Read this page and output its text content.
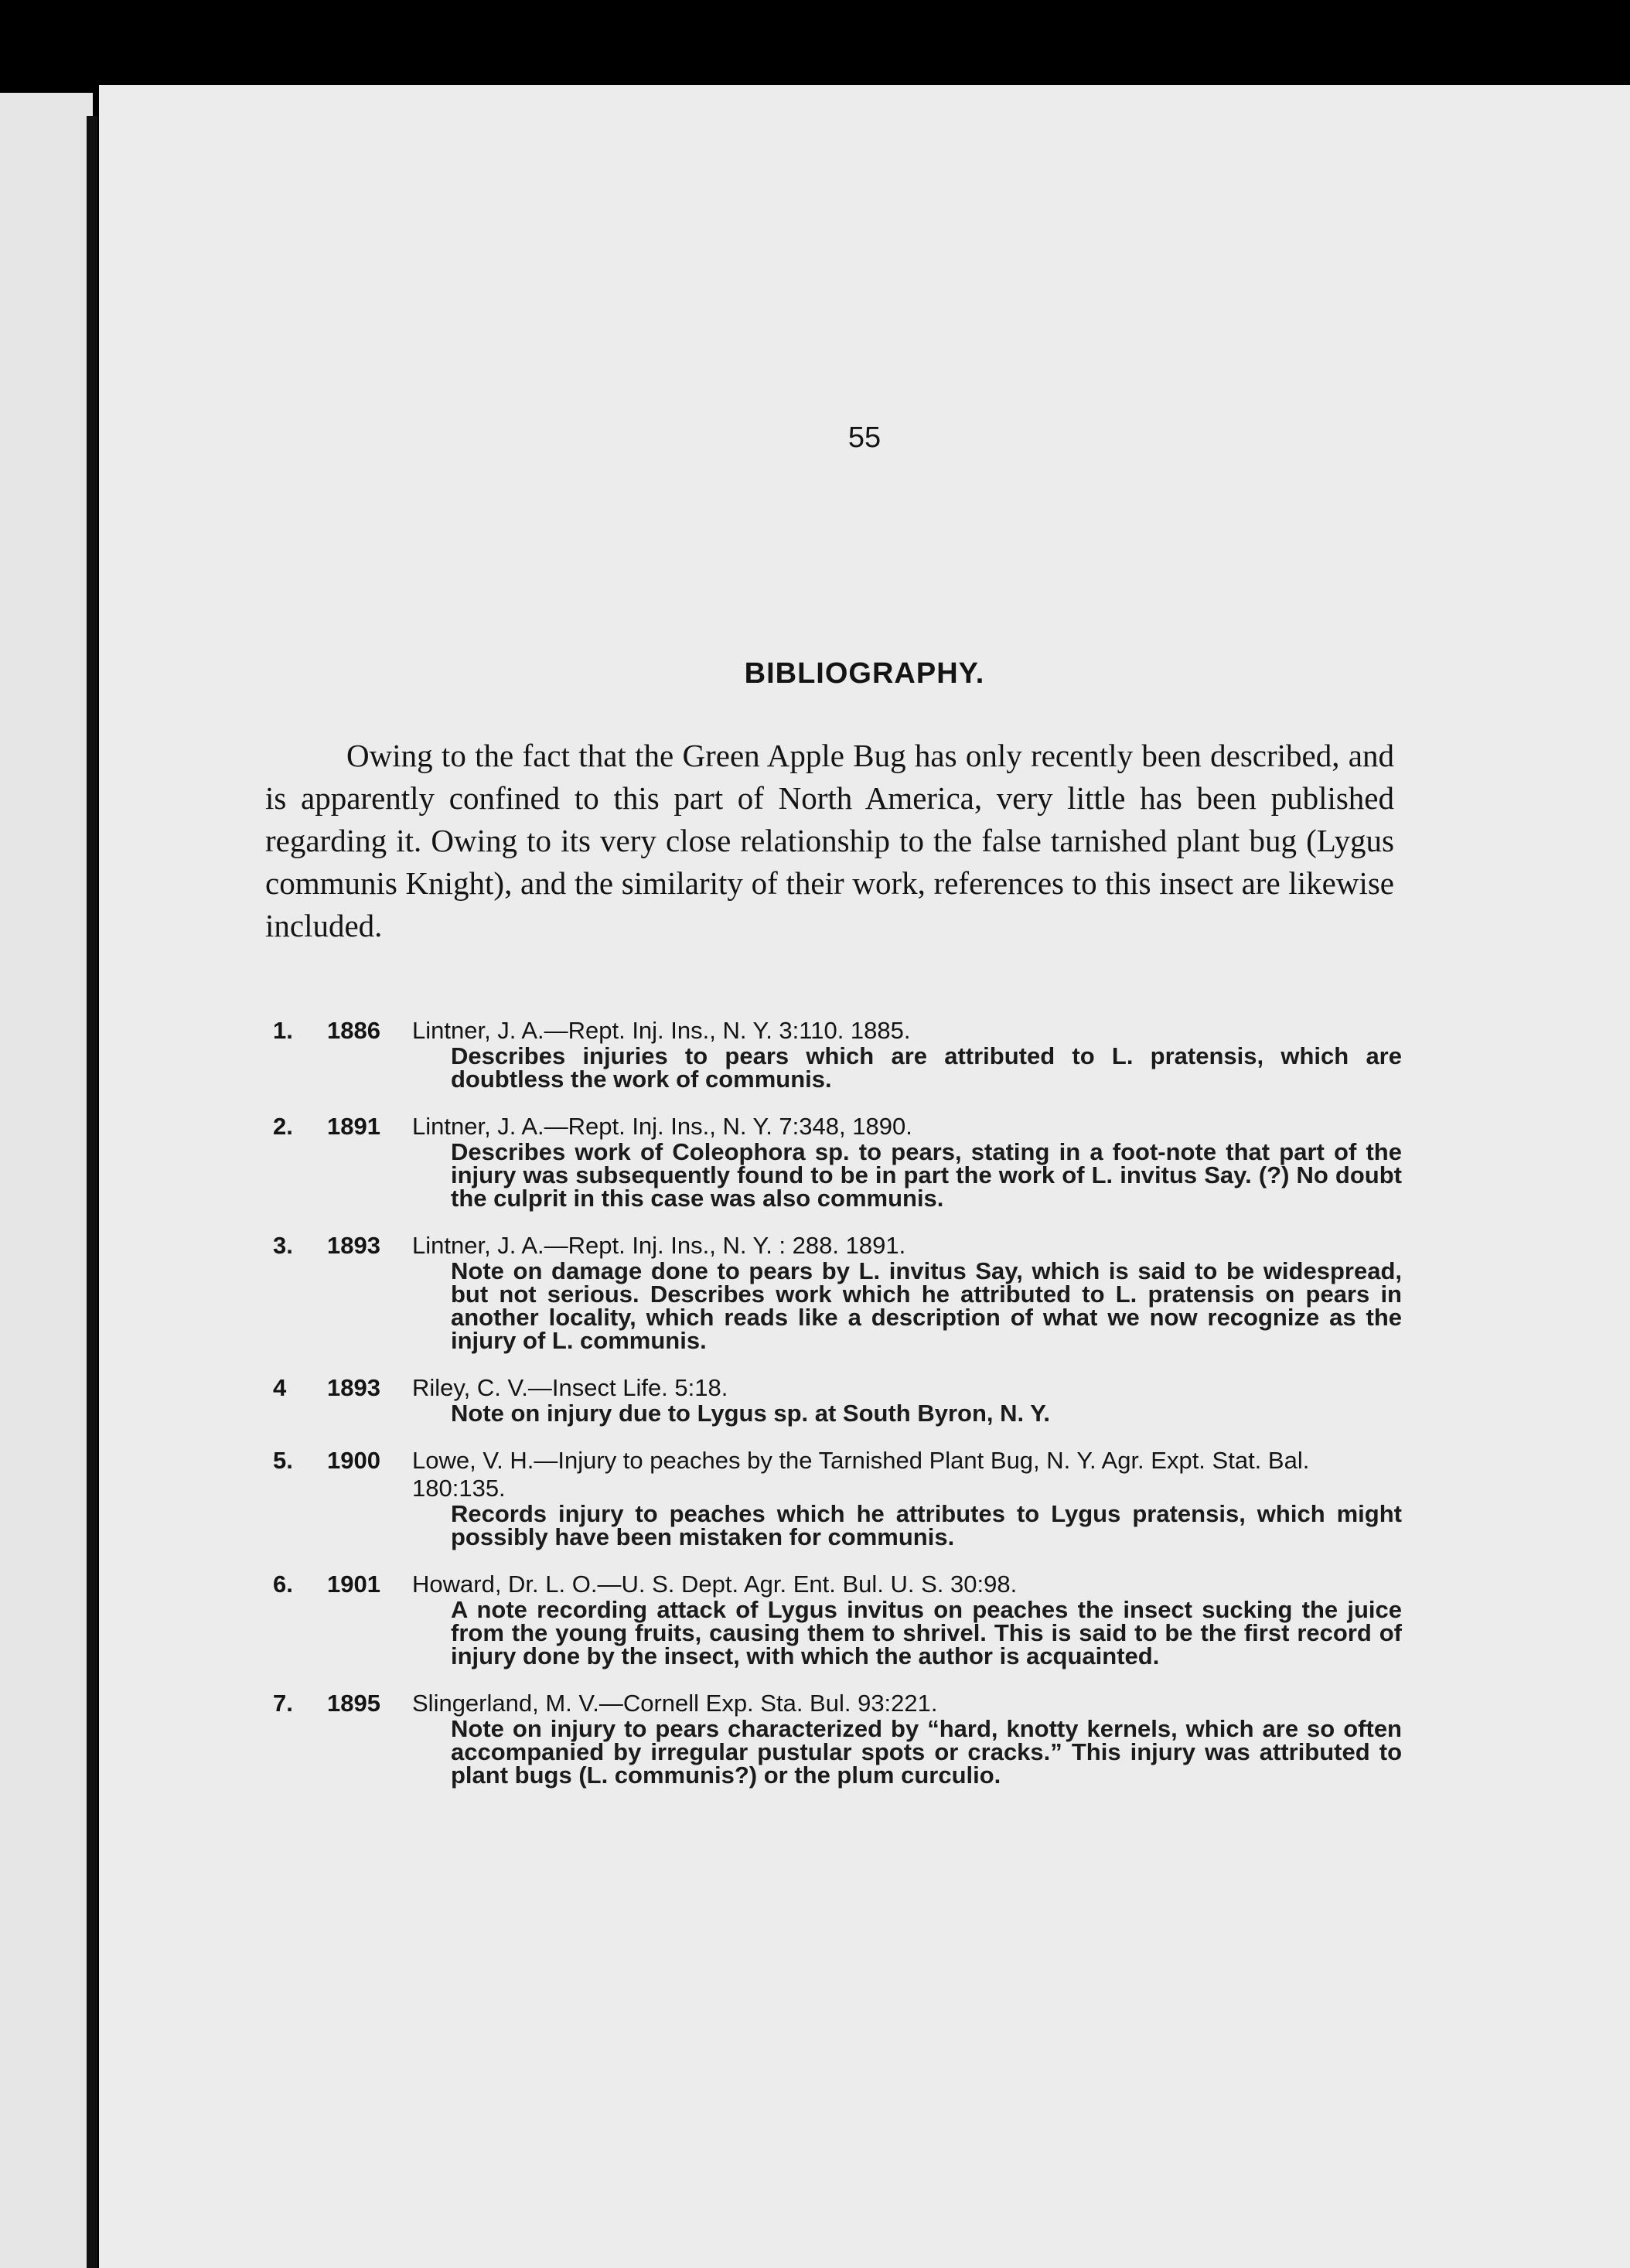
55
BIBLIOGRAPHY.

Owing to the fact that the Green Apple Bug has only recently been described, and is apparently confined to this part of North America, very little has been published regarding it. Owing to its very close relationship to the false tarnished plant bug (Lygus communis Knight), and the similarity of their work, references to this insect are likewise included.

1.	1886	Lintner, J. A.—Rept. Inj. Ins., N. Y. 3:110. 1885.

Describes injuries to pears which are attributed to L. pratensis, which are doubtless the work of communis.

2.	1891	Lintner, J. A.—Rept. Inj. Ins., N. Y. 7:348, 1890.

Describes work of Coleophora sp. to pears, stating in a foot-note that part of the injury was subsequently found to be in part the work of L. invitus Say. (?) No doubt the culprit in this case was also communis.

3.	1893	Lintner, J. A.—Rept. Inj. Ins., N. Y. : 288. 1891.

Note on damage done to pears by L. invitus Say, which is said to be widespread, but not serious. Describes work which he attributed to L. pratensis on pears in another locality, which reads like a description of what we now recognize as the injury of L. communis.

4	1893	Riley, C. V.—Insect Life. 5:18.

Note on injury due to Lygus sp. at South Byron, N. Y.

5.	1900	Lowe, V. H.—Injury to peaches by the Tarnished Plant Bug, N. Y. Agr. Expt. Stat. Bal. 180:135.

Records injury to peaches which he attributes to Lygus pratensis, which might possibly have been mistaken for communis.

6.	1901	Howard, Dr. L. O.—U. S. Dept. Agr. Ent. Bul. U. S. 30:98.

A note recording attack of Lygus invitus on peaches the insect sucking the juice from the young fruits, causing them to shrivel. This is said to be the first record of injury done by the insect, with which the author is acquainted.

7.	1895	Slingerland, M. V.—Cornell Exp. Sta. Bul. 93:221.

Note on injury to pears characterized by “hard, knotty kernels, which are so often accompanied by irregular pustular spots or cracks.” This injury was attributed to plant bugs (L. communis?) or the plum curculio.
